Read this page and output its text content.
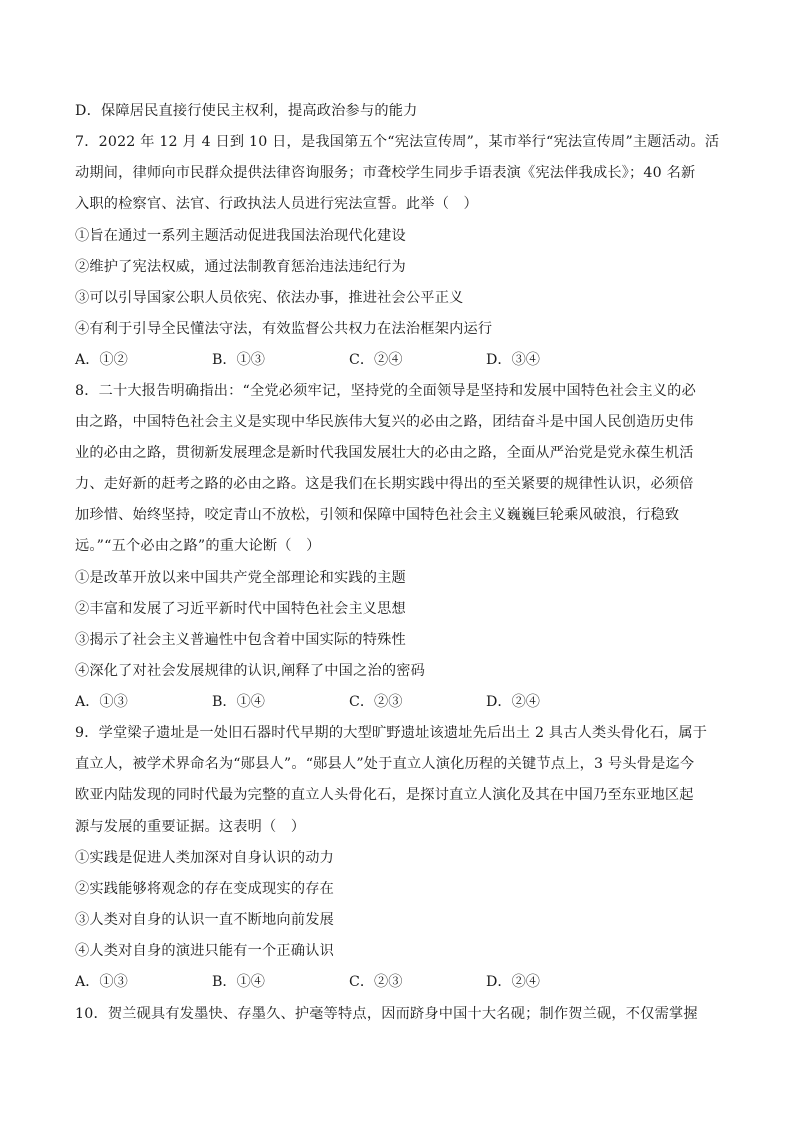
D．保障居民直接行使民主权利，提高政治参与的能力
7．2022 年 12 月 4 日到 10 日，是我国第五个“宪法宣传周”，某市举行“宪法宣传周”主题活动。活
动期间，律师向市民群众提供法律咨询服务；市聋校学生同步手语表演《宪法伴我成长》；40 名新
入职的检察官、法官、行政执法人员进行宪法宣誓。此举（　）
①旨在通过一系列主题活动促进我国法治现代化建设
②维护了宪法权威，通过法制教育惩治违法违纪行为
③可以引导国家公职人员依宪、依法办事，推进社会公平正义
④有利于引导全民懂法守法，有效监督公共权力在法治框架内运行
A．①②	B．①③	C．②④	D．③④
8．二十大报告明确指出：“全党必须牢记，坚持党的全面领导是坚持和发展中国特色社会主义的必
由之路，中国特色社会主义是实现中华民族伟大复兴的必由之路，团结奋斗是中国人民创造历史伟
业的必由之路，贯彻新发展理念是新时代我国发展壮大的必由之路，全面从严治党是党永葆生机活
力、走好新的赶考之路的必由之路。这是我们在长期实践中得出的至关紧要的规律性认识，必须倍
加珍惜、始终坚持，咬定青山不放松，引领和保障中国特色社会主义巍巍巨轮乘风破浪，行稳致
远。”“五个必由之路”的重大论断（　）
①是改革开放以来中国共产党全部理论和实践的主题
②丰富和发展了习近平新时代中国特色社会主义思想
③揭示了社会主义普遍性中包含着中国实际的特殊性
④深化了对社会发展规律的认识,阐释了中国之治的密码
A．①③	B．①④	C．②③	D．②④
9．学堂梁子遗址是一处旧石器时代早期的大型旷野遗址该遗址先后出土 2 具古人类头骨化石，属于
直立人，被学术界命名为“郧县人”。“郧县人”处于直立人演化历程的关键节点上，3 号头骨是迄今
欧亚内陆发现的同时代最为完整的直立人头骨化石，是探讨直立人演化及其在中国乃至东亚地区起
源与发展的重要证据。这表明（　）
①实践是促进人类加深对自身认识的动力
②实践能够将观念的存在变成现实的存在
③人类对自身的认识一直不断地向前发展
④人类对自身的演进只能有一个正确认识
A．①③	B．①④	C．②③	D．②④
10．贺兰砚具有发墨快、存墨久、护毫等特点，因而跻身中国十大名砚；制作贺兰砚，不仅需掌握
